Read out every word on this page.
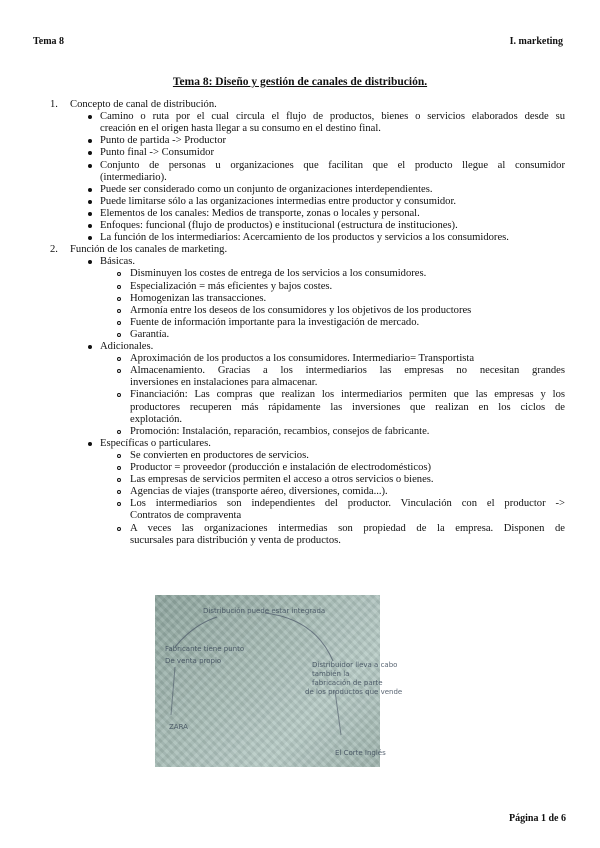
Tema 8	I. marketing
Tema 8: Diseño y gestión de canales de distribución.
1. Concepto de canal de distribución.
Camino o ruta por el cual circula el flujo de productos, bienes o servicios elaborados desde su
creación en el origen hasta llegar a su consumo en el destino final.
Punto de partida -> Productor
Punto final -> Consumidor
Conjunto de personas u organizaciones que facilitan que el producto llegue al consumidor
(intermediario).
Puede ser considerado como un conjunto de organizaciones interdependientes.
Puede limitarse sólo a las organizaciones intermedias entre productor y consumidor.
Elementos de los canales: Medios de transporte, zonas o locales y personal.
Enfoques: funcional (flujo de productos) e institucional (estructura de instituciones).
La función de los intermediarios: Acercamiento de los productos y servicios a los consumidores.
2. Función de los canales de marketing.
Básicas.
Disminuyen los costes de entrega de los servicios a los consumidores.
Especialización = más eficientes y bajos costes.
Homogenizan las transacciones.
Armonía entre los deseos de los consumidores y los objetivos de los productores
Fuente de información importante para la investigación de mercado.
Garantía.
Adicionales.
Aproximación de los productos a los consumidores. Intermediario= Transportista
Almacenamiento. Gracias a los intermediarios las empresas no necesitan grandes
inversiones en instalaciones para almacenar.
Financiación: Las compras que realizan los intermediarios permiten que las empresas y los
productores recuperen más rápidamente las inversiones que realizan en los ciclos de
explotación.
Promoción: Instalación, reparación, recambios, consejos de fabricante.
Específicas o particulares.
Se convierten en productores de servicios.
Productor = proveedor (producción e instalación de electrodomésticos)
Las empresas de servicios permiten el acceso a otros servicios o bienes.
Agencias de viajes (transporte aéreo, diversiones, comida...).
Los intermediarios son independientes del productor. Vinculación con el productor ->
Contratos de compraventa
A veces las organizaciones intermedias son propiedad de la empresa. Disponen de
sucursales para distribución y venta de productos.
Distribución puede estar integrada
Fabricante tiene punto
De venta propio	Distribuidor lleva a cabo
también la
fabricación de parte
de los productos que vende
ZARA
El Corte Inglés
Página 1 de 6
